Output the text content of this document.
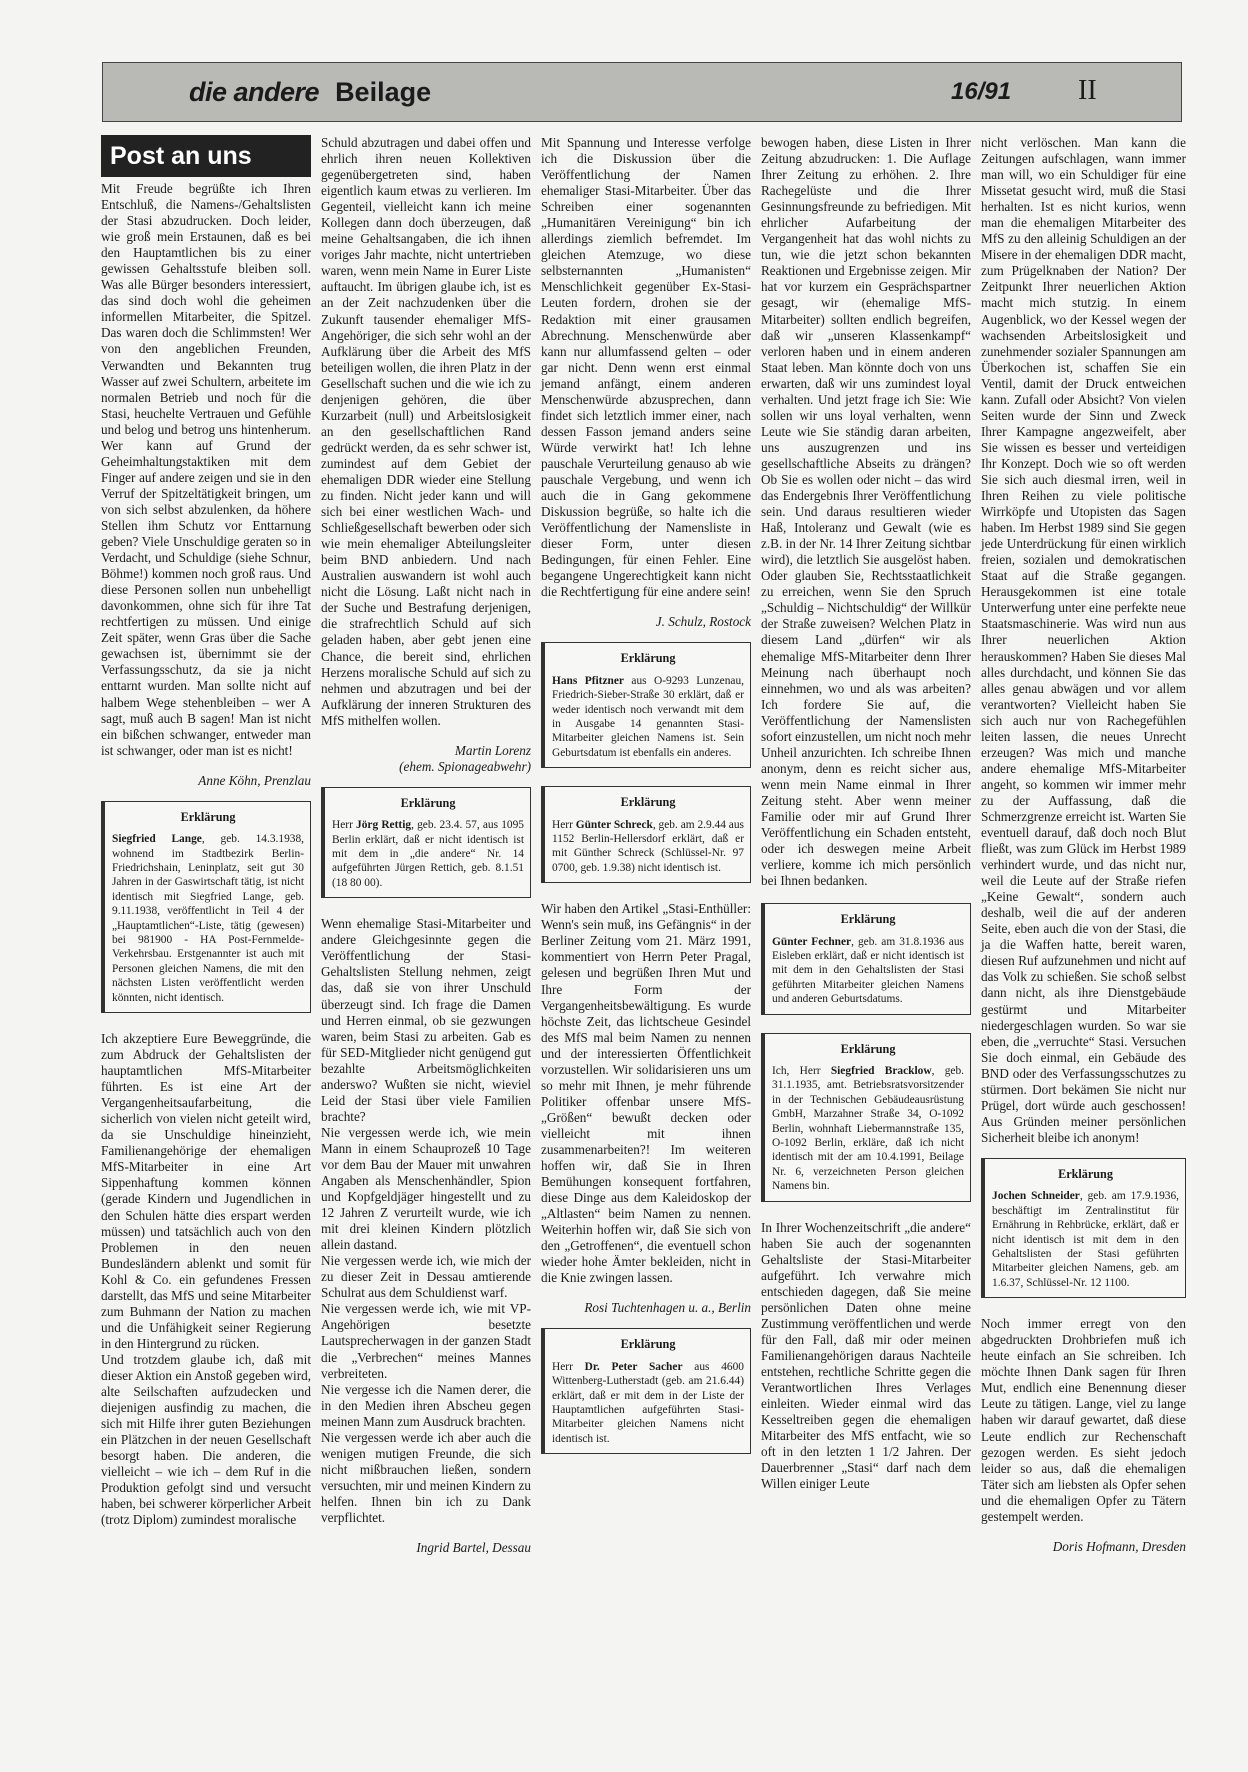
die andere Beilage	16/91 II
Post an uns

Mit Freude begrüßte ich Ihren Entschluß, die Namens-/Gehaltslisten der Stasi abzudrucken. Doch leider, wie groß mein Erstaunen, daß es bei den Hauptamtlichen bis zu einer gewissen Gehaltsstufe bleiben soll. Was alle Bürger besonders interessiert, das sind doch wohl die geheimen informellen Mitarbeiter, die Spitzel. Das waren doch die Schlimmsten! Wer von den angeblichen Freunden, Verwandten und Bekannten trug Wasser auf zwei Schultern, arbeitete im normalen Betrieb und noch für die Stasi, heuchelte Vertrauen und Gefühle und belog und betrog uns hintenherum. Wer kann auf Grund der Geheimhaltungstaktiken mit dem Finger auf andere zeigen und sie in den Verruf der Spitzeltätigkeit bringen, um von sich selbst abzulenken, da höhere Stellen ihm Schutz vor Enttarnung geben? Viele Unschuldige geraten so in Verdacht, und Schuldige (siehe Schnur, Böhme!) kommen noch groß raus. Und diese Personen sollen nun unbehelligt davonkommen, ohne sich für ihre Tat rechtfertigen zu müssen. Und einige Zeit später, wenn Gras über die Sache gewachsen ist, übernimmt sie der Verfassungsschutz, da sie ja nicht enttarnt wurden. Man sollte nicht auf halbem Wege stehenbleiben – wer A sagt, muß auch B sagen! Man ist nicht ein bißchen schwanger, entweder man ist schwanger, oder man ist es nicht!

Anne Köhn, Prenzlau
Erklärung
Siegfried Lange, geb. 14.3.1938, wohnend im Stadtbezirk Berlin-Friedrichshain, Leninplatz, seit gut 30 Jahren in der Gaswirtschaft tätig, ist nicht identisch mit Siegfried Lange, geb. 9.11.1938, veröffentlicht in Teil 4 der „Hauptamtlichen“-Liste, tätig (gewesen) bei 981900 - HA Post-Fernmelde-Verkehrsbau. Erstgenannter ist auch mit Personen gleichen Namens, die mit den nächsten Listen veröffentlicht werden könnten, nicht identisch.

Ich akzeptiere Eure Beweggründe, die zum Abdruck der Gehaltslisten der hauptamtlichen MfS-Mitarbeiter führten. Es ist eine Art der Vergangenheitsaufarbeitung, die sicherlich von vielen nicht geteilt wird, da sie Unschuldige hineinzieht, Familienangehörige der ehemaligen MfS-Mitarbeiter in eine Art Sippenhaftung kommen können (gerade Kindern und Jugendlichen in den Schulen hätte dies erspart werden müssen) und tatsächlich auch von den Problemen in den neuen Bundesländern ablenkt und somit für Kohl & Co. ein gefundenes Fressen darstellt, das MfS und seine Mitarbeiter zum Buhmann der Nation zu machen und die Unfähigkeit seiner Regierung in den Hintergrund zu rücken.

Und trotzdem glaube ich, daß mit dieser Aktion ein Anstoß gegeben wird, alte Seilschaften aufzudecken und diejenigen ausfindig zu machen, die sich mit Hilfe ihrer guten Beziehungen ein Plätzchen in der neuen Gesellschaft besorgt haben. Die anderen, die vielleicht – wie ich – dem Ruf in die Produktion gefolgt sind und versucht haben, bei schwerer körperlicher Arbeit (trotz Diplom) zumindest moralische

Schuld abzutragen und dabei offen und ehrlich ihren neuen Kollektiven gegenübergetreten sind, haben eigentlich kaum etwas zu verlieren. Im Gegenteil, vielleicht kann ich meine Kollegen dann doch überzeugen, daß meine Gehaltsangaben, die ich ihnen voriges Jahr machte, nicht untertrieben waren, wenn mein Name in Eurer Liste auftaucht. Im übrigen glaube ich, ist es an der Zeit nachzudenken über die Zukunft tausender ehemaliger MfS-Angehöriger, die sich sehr wohl an der Aufklärung über die Arbeit des MfS beteiligen wollen, die ihren Platz in der Gesellschaft suchen und die wie ich zu denjenigen gehören, die über Kurzarbeit (null) und Arbeitslosigkeit an den gesellschaftlichen Rand gedrückt werden, da es sehr schwer ist, zumindest auf dem Gebiet der ehemaligen DDR wieder eine Stellung zu finden. Nicht jeder kann und will sich bei einer westlichen Wach- und Schließgesellschaft bewerben oder sich wie mein ehemaliger Abteilungsleiter beim BND anbiedern. Und nach Australien auswandern ist wohl auch nicht die Lösung. Laßt nicht nach in der Suche und Bestrafung derjenigen, die strafrechtlich Schuld auf sich geladen haben, aber gebt jenen eine Chance, die bereit sind, ehrlichen Herzens moralische Schuld auf sich zu nehmen und abzutragen und bei der Aufklärung der inneren Strukturen des MfS mithelfen wollen.

Martin Lorenz
(ehem. Spionageabwehr)
Erklärung
Herr Jörg Rettig, geb. 23.4. 57, aus 1095 Berlin erklärt, daß er nicht identisch ist mit dem in „die andere“ Nr. 14 aufgeführten Jürgen Rettich, geb. 8.1.51 (18 80 00).

Wenn ehemalige Stasi-Mitarbeiter und andere Gleichgesinnte gegen die Veröffentlichung der Stasi-Gehaltslisten Stellung nehmen, zeigt das, daß sie von ihrer Unschuld überzeugt sind. Ich frage die Damen und Herren einmal, ob sie gezwungen waren, beim Stasi zu arbeiten. Gab es für SED-Mitglieder nicht genügend gut bezahlte Arbeitsmöglichkeiten anderswo? Wußten sie nicht, wieviel Leid der Stasi über viele Familien brachte?

Nie vergessen werde ich, wie mein Mann in einem Schauprozeß 10 Tage vor dem Bau der Mauer mit unwahren Angaben als Menschenhändler, Spion und Kopfgeldjäger hingestellt und zu 12 Jahren Z verurteilt wurde, wie ich mit drei kleinen Kindern plötzlich allein dastand.

Nie vergessen werde ich, wie mich der zu dieser Zeit in Dessau amtierende Schulrat aus dem Schuldienst warf.

Nie vergessen werde ich, wie mit VP-Angehörigen besetzte Lautsprecherwagen in der ganzen Stadt die „Verbrechen“ meines Mannes verbreiteten.

Nie vergesse ich die Namen derer, die in den Medien ihren Abscheu gegen meinen Mann zum Ausdruck brachten.

Nie vergessen werde ich aber auch die wenigen mutigen Freunde, die sich nicht mißbrauchen ließen, sondern versuchten, mir und meinen Kindern zu helfen. Ihnen bin ich zu Dank verpflichtet.

Ingrid Bartel, Dessau

Mit Spannung und Interesse verfolge ich die Diskussion über die Veröffentlichung der Namen ehemaliger Stasi-Mitarbeiter. Über das Schreiben einer sogenannten „Humanitären Vereinigung“ bin ich allerdings ziemlich befremdet. Im gleichen Atemzuge, wo diese selbsternannten „Humanisten“ Menschlichkeit gegenüber Ex-Stasi-Leuten fordern, drohen sie der Redaktion mit einer grausamen Abrechnung. Menschenwürde aber kann nur allumfassend gelten – oder gar nicht. Denn wenn erst einmal jemand anfängt, einem anderen Menschenwürde abzusprechen, dann findet sich letztlich immer einer, nach dessen Fasson jemand anders seine Würde verwirkt hat! Ich lehne pauschale Verurteilung genauso ab wie pauschale Vergebung, und wenn ich auch die in Gang gekommene Diskussion begrüße, so halte ich die Veröffentlichung der Namensliste in dieser Form, unter diesen Bedingungen, für einen Fehler. Eine begangene Ungerechtigkeit kann nicht die Rechtfertigung für eine andere sein!

J. Schulz, Rostock
Erklärung
Hans Pfitzner aus O-9293 Lunzenau, Friedrich-Sieber-Straße 30 erklärt, daß er weder identisch noch verwandt mit dem in Ausgabe 14 genannten Stasi-Mitarbeiter gleichen Namens ist. Sein Geburtsdatum ist ebenfalls ein anderes.
Erklärung
Herr Günter Schreck, geb. am 2.9.44 aus 1152 Berlin-Hellersdorf erklärt, daß er mit Günther Schreck (Schlüssel-Nr. 97 0700, geb. 1.9.38) nicht identisch ist.

Wir haben den Artikel „Stasi-Enthüller: Wenn's sein muß, ins Gefängnis“ in der Berliner Zeitung vom 21. März 1991, kommentiert von Herrn Peter Pragal, gelesen und begrüßen Ihren Mut und Ihre Form der Vergangenheitsbewältigung. Es wurde höchste Zeit, das lichtscheue Gesindel des MfS mal beim Namen zu nennen und der interessierten Öffentlichkeit vorzustellen. Wir solidarisieren uns um so mehr mit Ihnen, je mehr führende Politiker offenbar unsere MfS-„Größen“ bewußt decken oder vielleicht mit ihnen zusammenarbeiten?! Im weiteren hoffen wir, daß Sie in Ihren Bemühungen konsequent fortfahren, diese Dinge aus dem Kaleidoskop der „Altlasten“ beim Namen zu nennen. Weiterhin hoffen wir, daß Sie sich von den „Getroffenen“, die eventuell schon wieder hohe Ämter bekleiden, nicht in die Knie zwingen lassen.

Rosi Tuchtenhagen u. a., Berlin
Erklärung
Herr Dr. Peter Sacher aus 4600 Wittenberg-Lutherstadt (geb. am 21.6.44) erklärt, daß er mit dem in der Liste der Hauptamtlichen aufgeführten Stasi-Mitarbeiter gleichen Namens nicht identisch ist.

bewogen haben, diese Listen in Ihrer Zeitung abzudrucken: 1. Die Auflage Ihrer Zeitung zu erhöhen. 2. Ihre Rachegelüste und die Ihrer Gesinnungsfreunde zu befriedigen. Mit ehrlicher Aufarbeitung der Vergangenheit hat das wohl nichts zu tun, wie die jetzt schon bekannten Reaktionen und Ergebnisse zeigen. Mir hat vor kurzem ein Gesprächspartner gesagt, wir (ehemalige MfS-Mitarbeiter) sollten endlich begreifen, daß wir „unseren Klassenkampf“ verloren haben und in einem anderen Staat leben. Man könnte doch von uns erwarten, daß wir uns zumindest loyal verhalten. Und jetzt frage ich Sie: Wie sollen wir uns loyal verhalten, wenn Leute wie Sie ständig daran arbeiten, uns auszugrenzen und ins gesellschaftliche Abseits zu drängen? Ob Sie es wollen oder nicht – das wird das Endergebnis Ihrer Veröffentlichung sein. Und daraus resultieren wieder Haß, Intoleranz und Gewalt (wie es z.B. in der Nr. 14 Ihrer Zeitung sichtbar wird), die letztlich Sie ausgelöst haben. Oder glauben Sie, Rechtsstaatlichkeit zu erreichen, wenn Sie den Spruch „Schuldig – Nichtschuldig“ der Willkür der Straße zuweisen? Welchen Platz in diesem Land „dürfen“ wir als ehemalige MfS-Mitarbeiter denn Ihrer Meinung nach überhaupt noch einnehmen, wo und als was arbeiten? Ich fordere Sie auf, die Veröffentlichung der Namenslisten sofort einzustellen, um nicht noch mehr Unheil anzurichten. Ich schreibe Ihnen anonym, denn es reicht sicher aus, wenn mein Name einmal in Ihrer Zeitung steht. Aber wenn meiner Familie oder mir auf Grund Ihrer Veröffentlichung ein Schaden entsteht, oder ich deswegen meine Arbeit verliere, komme ich mich persönlich bei Ihnen bedanken.

Erklärung
Günter Fechner, geb. am 31.8.1936 aus Eisleben erklärt, daß er nicht identisch ist mit dem in den Gehaltslisten der Stasi geführten Mitarbeiter gleichen Namens und anderen Geburtsdatums.
Erklärung
Ich, Herr Siegfried Bracklow, geb. 31.1.1935, amt. Betriebsratsvorsitzender in der Technischen Gebäudeausrüstung GmbH, Marzahner Straße 34, O-1092 Berlin, wohnhaft Liebermannstraße 135, O-1092 Berlin, erkläre, daß ich nicht identisch mit der am 10.4.1991, Beilage Nr. 6, verzeichneten Person gleichen Namens bin.

In Ihrer Wochenzeitschrift „die andere“ haben Sie auch der sogenannten Gehaltsliste der Stasi-Mitarbeiter aufgeführt. Ich verwahre mich entschieden dagegen, daß Sie meine persönlichen Daten ohne meine Zustimmung veröffentlichen und werde für den Fall, daß mir oder meinen Familienangehörigen daraus Nachteile entstehen, rechtliche Schritte gegen die Verantwortlichen Ihres Verlages einleiten. Wieder einmal wird das Kesseltreiben gegen die ehemaligen Mitarbeiter des MfS entfacht, wie so oft in den letzten 1 1/2 Jahren. Der Dauerbrenner „Stasi“ darf nach dem Willen einiger Leute

nicht verlöschen. Man kann die Zeitungen aufschlagen, wann immer man will, wo ein Schuldiger für eine Missetat gesucht wird, muß die Stasi herhalten. Ist es nicht kurios, wenn man die ehemaligen Mitarbeiter des MfS zu den alleinig Schuldigen an der Misere in der ehemaligen DDR macht, zum Prügelknaben der Nation? Der Zeitpunkt Ihrer neuerlichen Aktion macht mich stutzig. In einem Augenblick, wo der Kessel wegen der wachsenden Arbeitslosigkeit und zunehmender sozialer Spannungen am Überkochen ist, schaffen Sie ein Ventil, damit der Druck entweichen kann. Zufall oder Absicht? Von vielen Seiten wurde der Sinn und Zweck Ihrer Kampagne angezweifelt, aber Sie wissen es besser und verteidigen Ihr Konzept. Doch wie so oft werden Sie sich auch diesmal irren, weil in Ihren Reihen zu viele politische Wirrköpfe und Utopisten das Sagen haben. Im Herbst 1989 sind Sie gegen jede Unterdrückung für einen wirklich freien, sozialen und demokratischen Staat auf die Straße gegangen. Herausgekommen ist eine totale Unterwerfung unter eine perfekte neue Staatsmaschinerie. Was wird nun aus Ihrer neuerlichen Aktion herauskommen? Haben Sie dieses Mal alles durchdacht, und können Sie das alles genau abwägen und vor allem verantworten? Vielleicht haben Sie sich auch nur von Rachegefühlen leiten lassen, die neues Unrecht erzeugen? Was mich und manche andere ehemalige MfS-Mitarbeiter angeht, so kommen wir immer mehr zu der Auffassung, daß die Schmerzgrenze erreicht ist. Warten Sie eventuell darauf, daß doch noch Blut fließt, was zum Glück im Herbst 1989 verhindert wurde, und das nicht nur, weil die Leute auf der Straße riefen „Keine Gewalt“, sondern auch deshalb, weil die auf der anderen Seite, eben auch die von der Stasi, die ja die Waffen hatte, bereit waren, diesen Ruf aufzunehmen und nicht auf das Volk zu schießen. Sie schoß selbst dann nicht, als ihre Dienstgebäude gestürmt und Mitarbeiter niedergeschlagen wurden. So war sie eben, die „verruchte“ Stasi. Versuchen Sie doch einmal, ein Gebäude des BND oder des Verfassungsschutzes zu stürmen. Dort bekämen Sie nicht nur Prügel, dort würde auch geschossen! Aus Gründen meiner persönlichen Sicherheit bleibe ich anonym!

Erklärung
Jochen Schneider, geb. am 17.9.1936, beschäftigt im Zentralinstitut für Ernährung in Rehbrücke, erklärt, daß er nicht identisch ist mit dem in den Gehaltslisten der Stasi geführten Mitarbeiter gleichen Namens, geb. am 1.6.37, Schlüssel-Nr. 12 1100.

Noch immer erregt von den abgedruckten Drohbriefen muß ich heute einfach an Sie schreiben. Ich möchte Ihnen Dank sagen für Ihren Mut, endlich eine Benennung dieser Leute zu tätigen. Lange, viel zu lange haben wir darauf gewartet, daß diese Leute endlich zur Rechenschaft gezogen werden. Es sieht jedoch leider so aus, daß die ehemaligen Täter sich am liebsten als Opfer sehen und die ehemaligen Opfer zu Tätern gestempelt werden.

Doris Hofmann, Dresden
